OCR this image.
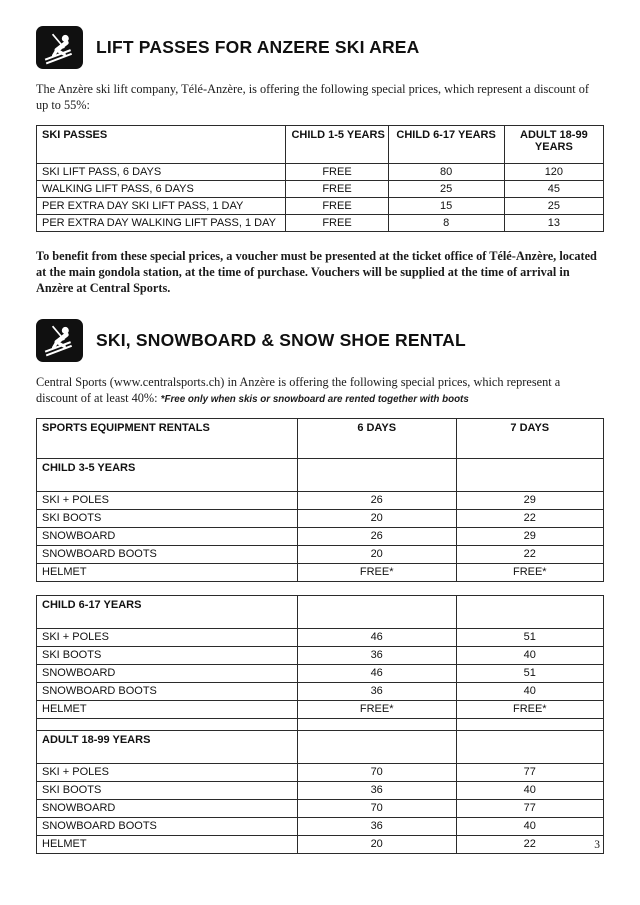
LIFT PASSES FOR ANZERE SKI AREA

The Anzère ski lift company, Télé-Anzère, is offering the following special prices, which represent a discount of up to 55%:

SKI PASSES	CHILD 1-5 YEARS	CHILD 6-17 YEARS	ADULT 18-99 YEARS
SKI LIFT PASS, 6 DAYS	FREE	80	120
WALKING LIFT PASS, 6 DAYS	FREE	25	45
PER EXTRA DAY SKI LIFT PASS, 1 DAY	FREE	15	25
PER EXTRA DAY WALKING LIFT PASS, 1 DAY	FREE	8	13

To benefit from these special prices, a voucher must be presented at the ticket office of Télé-Anzère, located at the main gondola station, at the time of purchase. Vouchers will be supplied at the time of arrival in Anzère at Central Sports.

SKI, SNOWBOARD & SNOW SHOE RENTAL

Central Sports (www.centralsports.ch) in Anzère is offering the following special prices, which represent a discount of at least 40%: *Free only when skis or snowboard are rented together with boots

SPORTS EQUIPMENT RENTALS	6 DAYS	7 DAYS
CHILD 3-5 YEARS		
SKI + POLES	26	29
SKI BOOTS	20	22
SNOWBOARD	26	29
SNOWBOARD BOOTS	20	22
HELMET	FREE*	FREE*
CHILD 6-17 YEARS		
SKI + POLES	46	51
SKI BOOTS	36	40
SNOWBOARD	46	51
SNOWBOARD BOOTS	36	40
HELMET	FREE*	FREE*

ADULT 18-99 YEARS		
SKI + POLES	70	77
SKI BOOTS	36	40
SNOWBOARD	70	77
SNOWBOARD BOOTS	36	40
HELMET	20	22	3
